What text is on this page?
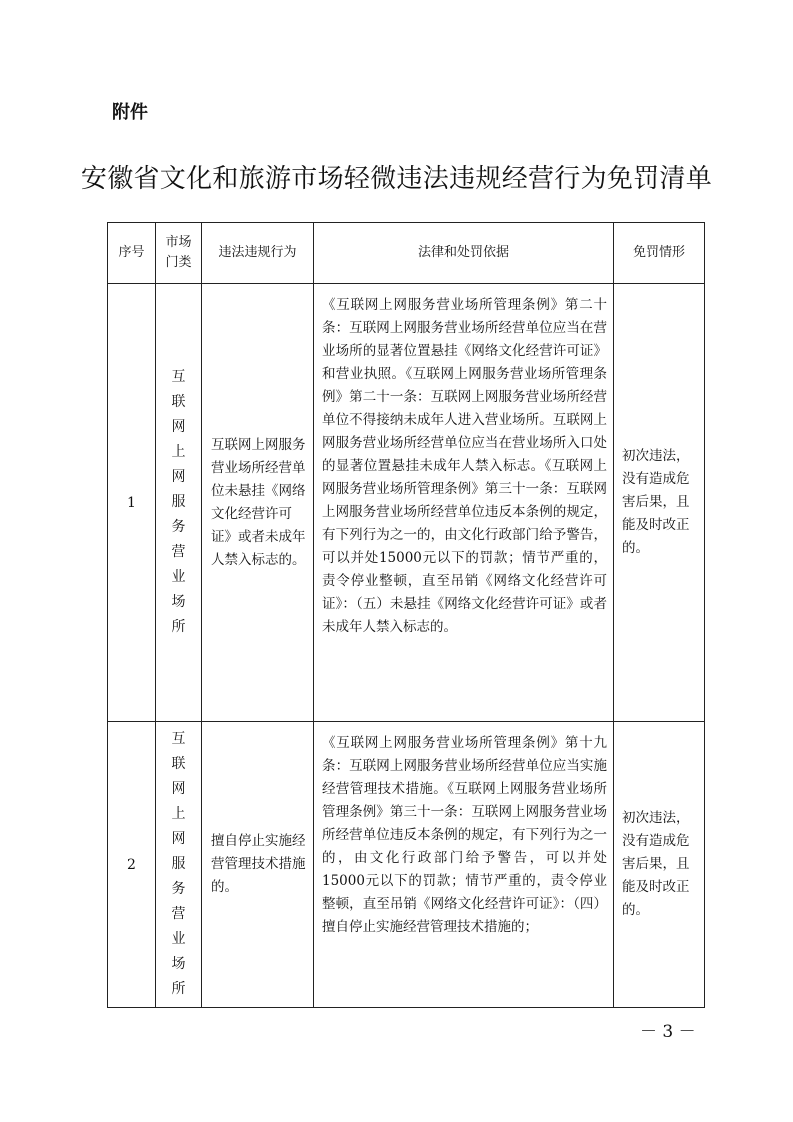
附件
安徽省文化和旅游市场轻微违法违规经营行为免罚清单
序号	市场门类	违法违规行为	法律和处罚依据	免罚情形
1	互联网上网服务营业场所	互联网上网服务营业场所经营单位未悬挂《网络文化经营许可证》或者未成年人禁入标志的。	《互联网上网服务营业场所管理条例》第二十条：互联网上网服务营业场所经营单位应当在营业场所的显著位置悬挂《网络文化经营许可证》和营业执照。《互联网上网服务营业场所管理条例》第二十一条：互联网上网服务营业场所经营单位不得接纳未成年人进入营业场所。互联网上网服务营业场所经营单位应当在营业场所入口处的显著位置悬挂未成年人禁入标志。《互联网上网服务营业场所管理条例》第三十一条：互联网上网服务营业场所经营单位违反本条例的规定，有下列行为之一的，由文化行政部门给予警告，可以并处15000元以下的罚款；情节严重的，责令停业整顿，直至吊销《网络文化经营许可证》：（五）未悬挂《网络文化经营许可证》或者未成年人禁入标志的。	初次违法，没有造成危害后果，且能及时改正的。
2	互联网上网服务营业场所	擅自停止实施经营管理技术措施的。	《互联网上网服务营业场所管理条例》第十九条：互联网上网服务营业场所经营单位应当实施经营管理技术措施。《互联网上网服务营业场所管理条例》第三十一条：互联网上网服务营业场所经营单位违反本条例的规定，有下列行为之一的，由文化行政部门给予警告，可以并处15000元以下的罚款；情节严重的，责令停业整顿，直至吊销《网络文化经营许可证》：（四）擅自停止实施经营管理技术措施的；	初次违法，没有造成危害后果，且能及时改正的。
－ 3 －
